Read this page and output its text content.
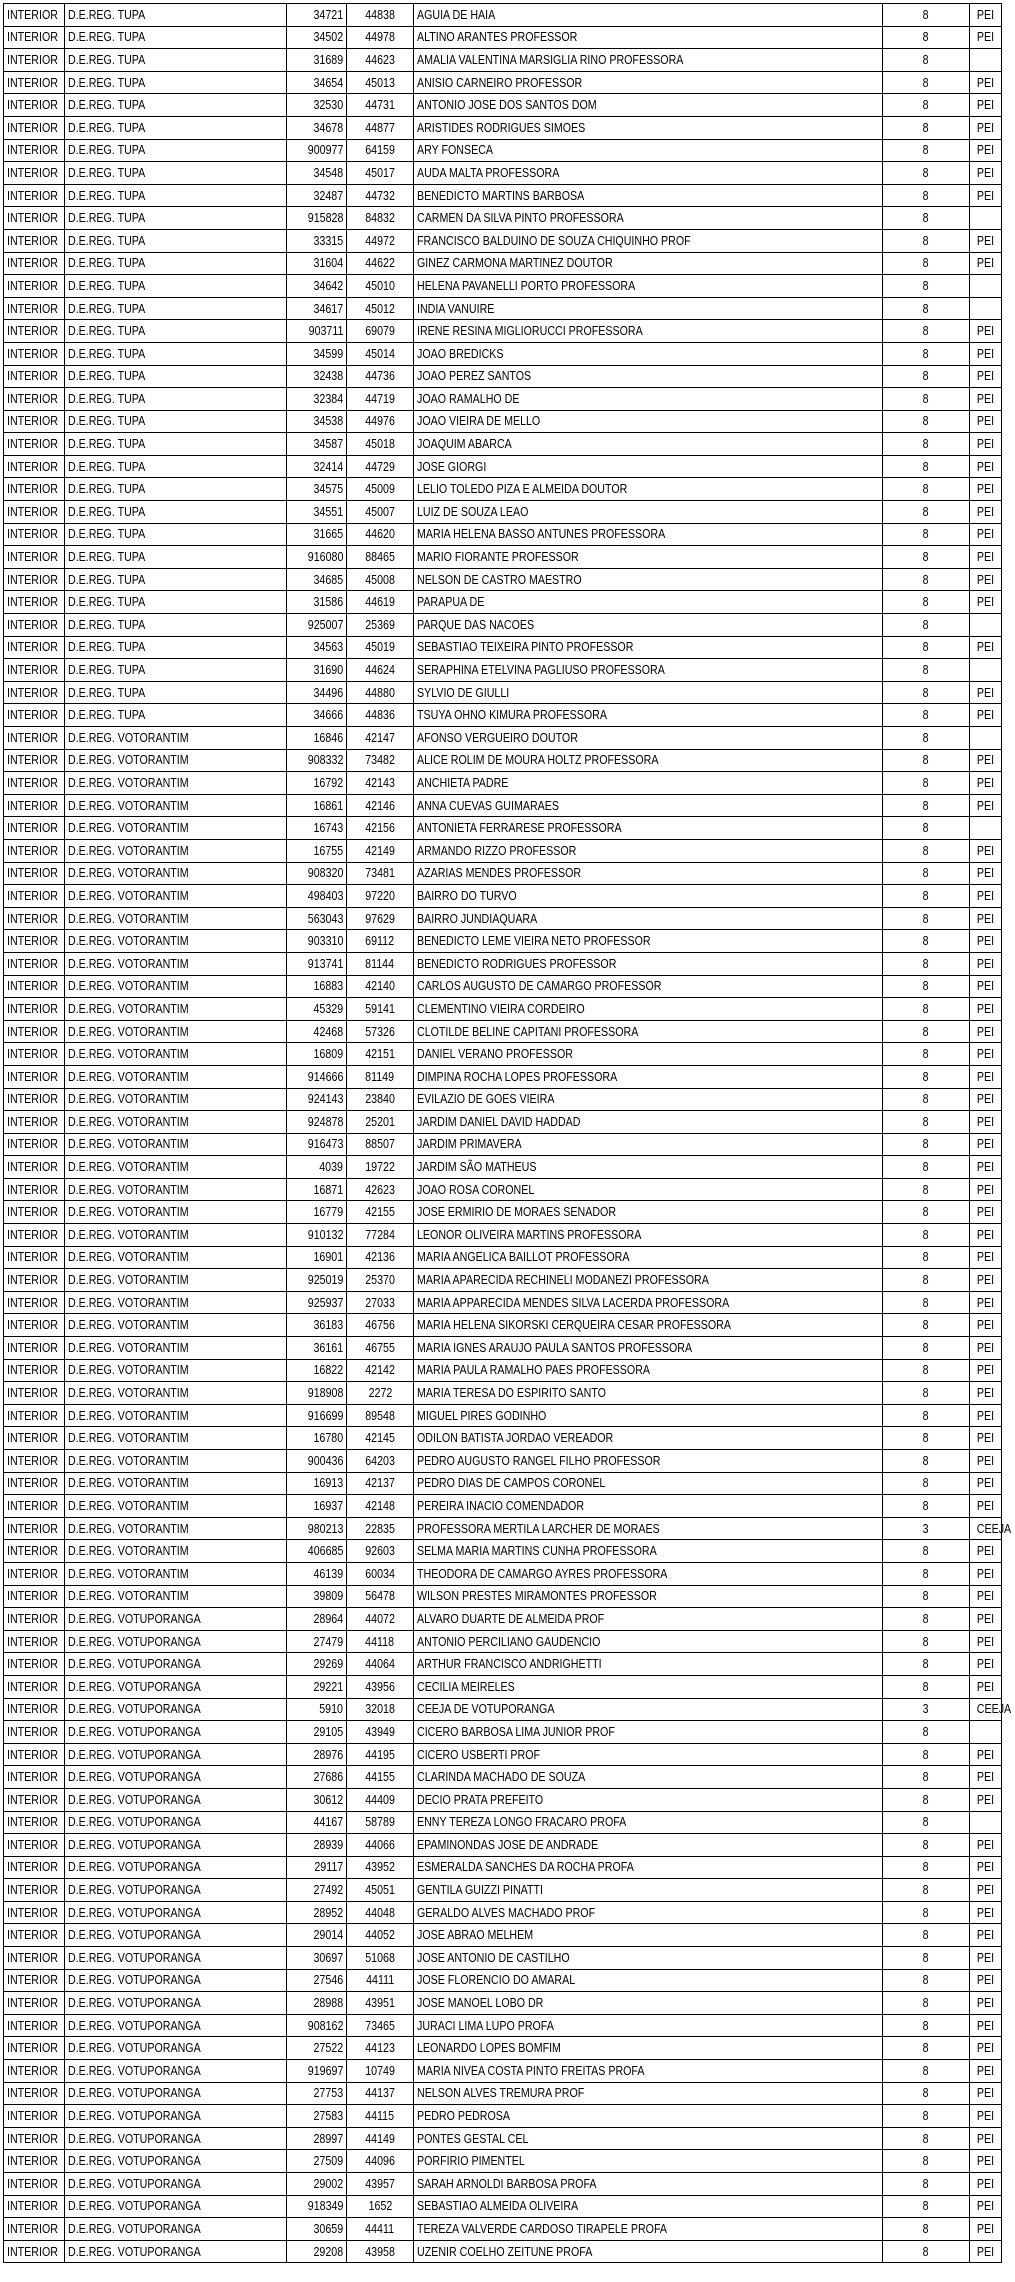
INTERIOR	D.E.REG. TUPA	34721	44838	AGUIA DE HAIA	8	PEI
INTERIOR	D.E.REG. TUPA	34502	44978	ALTINO ARANTES PROFESSOR	8	PEI
INTERIOR	D.E.REG. TUPA	31689	44623	AMALIA VALENTINA MARSIGLIA RINO PROFESSORA	8	
INTERIOR	D.E.REG. TUPA	34654	45013	ANISIO CARNEIRO PROFESSOR	8	PEI
INTERIOR	D.E.REG. TUPA	32530	44731	ANTONIO JOSE DOS SANTOS DOM	8	PEI
INTERIOR	D.E.REG. TUPA	34678	44877	ARISTIDES RODRIGUES SIMOES	8	PEI
INTERIOR	D.E.REG. TUPA	900977	64159	ARY FONSECA	8	PEI
INTERIOR	D.E.REG. TUPA	34548	45017	AUDA MALTA PROFESSORA	8	PEI
INTERIOR	D.E.REG. TUPA	32487	44732	BENEDICTO MARTINS BARBOSA	8	PEI
INTERIOR	D.E.REG. TUPA	915828	84832	CARMEN DA SILVA PINTO PROFESSORA	8	
INTERIOR	D.E.REG. TUPA	33315	44972	FRANCISCO BALDUINO DE SOUZA CHIQUINHO PROF	8	PEI
INTERIOR	D.E.REG. TUPA	31604	44622	GINEZ CARMONA MARTINEZ DOUTOR	8	PEI
INTERIOR	D.E.REG. TUPA	34642	45010	HELENA PAVANELLI PORTO PROFESSORA	8	
INTERIOR	D.E.REG. TUPA	34617	45012	INDIA VANUIRE	8	
INTERIOR	D.E.REG. TUPA	903711	69079	IRENE RESINA MIGLIORUCCI PROFESSORA	8	PEI
INTERIOR	D.E.REG. TUPA	34599	45014	JOAO BREDICKS	8	PEI
INTERIOR	D.E.REG. TUPA	32438	44736	JOAO PEREZ SANTOS	8	PEI
INTERIOR	D.E.REG. TUPA	32384	44719	JOAO RAMALHO DE	8	PEI
INTERIOR	D.E.REG. TUPA	34538	44976	JOAO VIEIRA DE MELLO	8	PEI
INTERIOR	D.E.REG. TUPA	34587	45018	JOAQUIM ABARCA	8	PEI
INTERIOR	D.E.REG. TUPA	32414	44729	JOSE GIORGI	8	PEI
INTERIOR	D.E.REG. TUPA	34575	45009	LELIO TOLEDO PIZA E ALMEIDA DOUTOR	8	PEI
INTERIOR	D.E.REG. TUPA	34551	45007	LUIZ DE SOUZA LEAO	8	PEI
INTERIOR	D.E.REG. TUPA	31665	44620	MARIA HELENA BASSO ANTUNES PROFESSORA	8	PEI
INTERIOR	D.E.REG. TUPA	916080	88465	MARIO FIORANTE PROFESSOR	8	PEI
INTERIOR	D.E.REG. TUPA	34685	45008	NELSON DE CASTRO MAESTRO	8	PEI
INTERIOR	D.E.REG. TUPA	31586	44619	PARAPUA DE	8	PEI
INTERIOR	D.E.REG. TUPA	925007	25369	PARQUE DAS NACOES	8	
INTERIOR	D.E.REG. TUPA	34563	45019	SEBASTIAO TEIXEIRA PINTO PROFESSOR	8	PEI
INTERIOR	D.E.REG. TUPA	31690	44624	SERAPHINA ETELVINA PAGLIUSO PROFESSORA	8	
INTERIOR	D.E.REG. TUPA	34496	44880	SYLVIO DE GIULLI	8	PEI
INTERIOR	D.E.REG. TUPA	34666	44836	TSUYA OHNO KIMURA PROFESSORA	8	PEI
INTERIOR	D.E.REG. VOTORANTIM	16846	42147	AFONSO VERGUEIRO DOUTOR	8	
INTERIOR	D.E.REG. VOTORANTIM	908332	73482	ALICE ROLIM DE MOURA HOLTZ PROFESSORA	8	PEI
INTERIOR	D.E.REG. VOTORANTIM	16792	42143	ANCHIETA PADRE	8	PEI
INTERIOR	D.E.REG. VOTORANTIM	16861	42146	ANNA CUEVAS GUIMARAES	8	PEI
INTERIOR	D.E.REG. VOTORANTIM	16743	42156	ANTONIETA FERRARESE PROFESSORA	8	
INTERIOR	D.E.REG. VOTORANTIM	16755	42149	ARMANDO RIZZO PROFESSOR	8	PEI
INTERIOR	D.E.REG. VOTORANTIM	908320	73481	AZARIAS MENDES PROFESSOR	8	PEI
INTERIOR	D.E.REG. VOTORANTIM	498403	97220	BAIRRO DO TURVO	8	PEI
INTERIOR	D.E.REG. VOTORANTIM	563043	97629	BAIRRO JUNDIAQUARA	8	PEI
INTERIOR	D.E.REG. VOTORANTIM	903310	69112	BENEDICTO LEME VIEIRA NETO PROFESSOR	8	PEI
INTERIOR	D.E.REG. VOTORANTIM	913741	81144	BENEDICTO RODRIGUES PROFESSOR	8	PEI
INTERIOR	D.E.REG. VOTORANTIM	16883	42140	CARLOS AUGUSTO DE CAMARGO PROFESSOR	8	PEI
INTERIOR	D.E.REG. VOTORANTIM	45329	59141	CLEMENTINO VIEIRA CORDEIRO	8	PEI
INTERIOR	D.E.REG. VOTORANTIM	42468	57326	CLOTILDE BELINE CAPITANI PROFESSORA	8	PEI
INTERIOR	D.E.REG. VOTORANTIM	16809	42151	DANIEL VERANO PROFESSOR	8	PEI
INTERIOR	D.E.REG. VOTORANTIM	914666	81149	DIMPINA ROCHA LOPES PROFESSORA	8	PEI
INTERIOR	D.E.REG. VOTORANTIM	924143	23840	EVILAZIO DE GOES VIEIRA	8	PEI
INTERIOR	D.E.REG. VOTORANTIM	924878	25201	JARDIM DANIEL DAVID HADDAD	8	PEI
INTERIOR	D.E.REG. VOTORANTIM	916473	88507	JARDIM PRIMAVERA	8	PEI
INTERIOR	D.E.REG. VOTORANTIM	4039	19722	JARDIM SÃO MATHEUS	8	PEI
INTERIOR	D.E.REG. VOTORANTIM	16871	42623	JOAO ROSA CORONEL	8	PEI
INTERIOR	D.E.REG. VOTORANTIM	16779	42155	JOSE ERMIRIO DE MORAES SENADOR	8	PEI
INTERIOR	D.E.REG. VOTORANTIM	910132	77284	LEONOR OLIVEIRA MARTINS PROFESSORA	8	PEI
INTERIOR	D.E.REG. VOTORANTIM	16901	42136	MARIA ANGELICA BAILLOT PROFESSORA	8	PEI
INTERIOR	D.E.REG. VOTORANTIM	925019	25370	MARIA APARECIDA RECHINELI MODANEZI PROFESSORA	8	PEI
INTERIOR	D.E.REG. VOTORANTIM	925937	27033	MARIA APPARECIDA MENDES SILVA LACERDA PROFESSORA	8	PEI
INTERIOR	D.E.REG. VOTORANTIM	36183	46756	MARIA HELENA SIKORSKI CERQUEIRA CESAR PROFESSORA	8	PEI
INTERIOR	D.E.REG. VOTORANTIM	36161	46755	MARIA IGNES ARAUJO PAULA SANTOS PROFESSORA	8	PEI
INTERIOR	D.E.REG. VOTORANTIM	16822	42142	MARIA PAULA RAMALHO PAES PROFESSORA	8	PEI
INTERIOR	D.E.REG. VOTORANTIM	918908	2272	MARIA TERESA DO ESPIRITO SANTO	8	PEI
INTERIOR	D.E.REG. VOTORANTIM	916699	89548	MIGUEL PIRES GODINHO	8	PEI
INTERIOR	D.E.REG. VOTORANTIM	16780	42145	ODILON BATISTA JORDAO VEREADOR	8	PEI
INTERIOR	D.E.REG. VOTORANTIM	900436	64203	PEDRO AUGUSTO RANGEL FILHO PROFESSOR	8	PEI
INTERIOR	D.E.REG. VOTORANTIM	16913	42137	PEDRO DIAS DE CAMPOS CORONEL	8	PEI
INTERIOR	D.E.REG. VOTORANTIM	16937	42148	PEREIRA INACIO COMENDADOR	8	PEI
INTERIOR	D.E.REG. VOTORANTIM	980213	22835	PROFESSORA MERTILA LARCHER DE MORAES	3	CEEJA
INTERIOR	D.E.REG. VOTORANTIM	406685	92603	SELMA MARIA MARTINS CUNHA PROFESSORA	8	PEI
INTERIOR	D.E.REG. VOTORANTIM	46139	60034	THEODORA DE CAMARGO AYRES PROFESSORA	8	PEI
INTERIOR	D.E.REG. VOTORANTIM	39809	56478	WILSON PRESTES MIRAMONTES PROFESSOR	8	PEI
INTERIOR	D.E.REG. VOTUPORANGA	28964	44072	ALVARO DUARTE DE ALMEIDA PROF	8	PEI
INTERIOR	D.E.REG. VOTUPORANGA	27479	44118	ANTONIO PERCILIANO GAUDENCIO	8	PEI
INTERIOR	D.E.REG. VOTUPORANGA	29269	44064	ARTHUR FRANCISCO ANDRIGHETTI	8	PEI
INTERIOR	D.E.REG. VOTUPORANGA	29221	43956	CECILIA MEIRELES	8	PEI
INTERIOR	D.E.REG. VOTUPORANGA	5910	32018	CEEJA DE VOTUPORANGA	3	CEEJA
INTERIOR	D.E.REG. VOTUPORANGA	29105	43949	CICERO BARBOSA LIMA JUNIOR PROF	8	
INTERIOR	D.E.REG. VOTUPORANGA	28976	44195	CICERO USBERTI PROF	8	PEI
INTERIOR	D.E.REG. VOTUPORANGA	27686	44155	CLARINDA MACHADO DE SOUZA	8	PEI
INTERIOR	D.E.REG. VOTUPORANGA	30612	44409	DECIO PRATA PREFEITO	8	PEI
INTERIOR	D.E.REG. VOTUPORANGA	44167	58789	ENNY TEREZA LONGO FRACARO PROFA	8	
INTERIOR	D.E.REG. VOTUPORANGA	28939	44066	EPAMINONDAS JOSE DE ANDRADE	8	PEI
INTERIOR	D.E.REG. VOTUPORANGA	29117	43952	ESMERALDA SANCHES DA ROCHA PROFA	8	PEI
INTERIOR	D.E.REG. VOTUPORANGA	27492	45051	GENTILA GUIZZI PINATTI	8	PEI
INTERIOR	D.E.REG. VOTUPORANGA	28952	44048	GERALDO ALVES MACHADO PROF	8	PEI
INTERIOR	D.E.REG. VOTUPORANGA	29014	44052	JOSE ABRAO MELHEM	8	PEI
INTERIOR	D.E.REG. VOTUPORANGA	30697	51068	JOSE ANTONIO DE CASTILHO	8	PEI
INTERIOR	D.E.REG. VOTUPORANGA	27546	44111	JOSE FLORENCIO DO AMARAL	8	PEI
INTERIOR	D.E.REG. VOTUPORANGA	28988	43951	JOSE MANOEL LOBO DR	8	PEI
INTERIOR	D.E.REG. VOTUPORANGA	908162	73465	JURACI LIMA LUPO PROFA	8	PEI
INTERIOR	D.E.REG. VOTUPORANGA	27522	44123	LEONARDO LOPES BOMFIM	8	PEI
INTERIOR	D.E.REG. VOTUPORANGA	919697	10749	MARIA NIVEA COSTA PINTO FREITAS PROFA	8	PEI
INTERIOR	D.E.REG. VOTUPORANGA	27753	44137	NELSON ALVES TREMURA PROF	8	PEI
INTERIOR	D.E.REG. VOTUPORANGA	27583	44115	PEDRO PEDROSA	8	PEI
INTERIOR	D.E.REG. VOTUPORANGA	28997	44149	PONTES GESTAL CEL	8	PEI
INTERIOR	D.E.REG. VOTUPORANGA	27509	44096	PORFIRIO PIMENTEL	8	PEI
INTERIOR	D.E.REG. VOTUPORANGA	29002	43957	SARAH ARNOLDI BARBOSA PROFA	8	PEI
INTERIOR	D.E.REG. VOTUPORANGA	918349	1652	SEBASTIAO ALMEIDA OLIVEIRA	8	PEI
INTERIOR	D.E.REG. VOTUPORANGA	30659	44411	TEREZA VALVERDE CARDOSO TIRAPELE PROFA	8	PEI
INTERIOR	D.E.REG. VOTUPORANGA	29208	43958	UZENIR COELHO ZEITUNE PROFA	8	PEI
